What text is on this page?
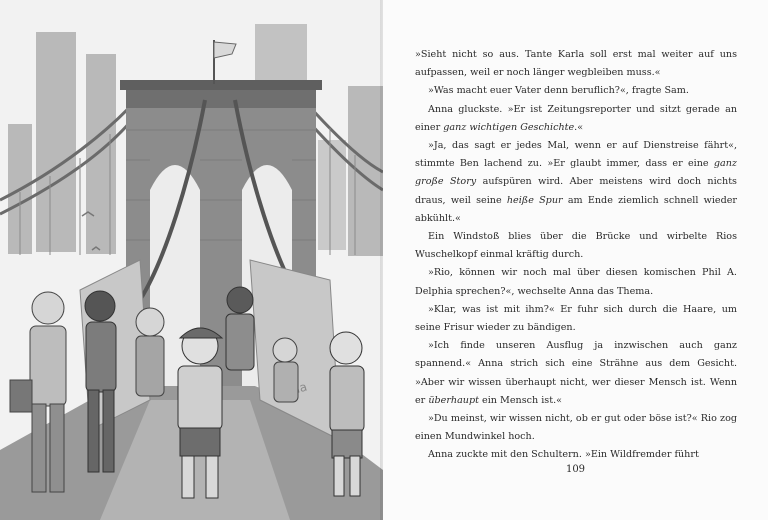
»Sieht nicht so aus. Tante Karla soll erst mal weiter auf uns aufpassen, weil er noch länger wegbleiben muss.«

»Was macht euer Vater denn beruflich?«, fragte Sam.

Anna gluckste. »Er ist Zeitungsreporter und sitzt gerade an einer ganz wichtigen Geschichte.«

»Ja, das sagt er jedes Mal, wenn er auf Dienstreise fährt«, stimmte Ben lachend zu. »Er glaubt immer, dass er eine ganz große Story aufspüren wird. Aber meistens wird doch nichts draus, weil seine heiße Spur am Ende ziemlich schnell wieder abkühlt.«

Ein Windstoß blies über die Brücke und wirbelte Rios Wuschelkopf einmal kräftig durch.

»Rio, können wir noch mal über diesen komischen Phil A. Delphia sprechen?«, wechselte Anna das Thema.

»Klar, was ist mit ihm?« Er fuhr sich durch die Haare, um seine Frisur wieder zu bändigen.

»Ich finde unseren Ausflug ja inzwischen auch ganz spannend.« Anna strich sich eine Strähne aus dem Gesicht. »Aber wir wissen überhaupt nicht, wer dieser Mensch ist. Wenn er überhaupt ein Mensch ist.«

»Du meinst, wir wissen nicht, ob er gut oder böse ist?« Rio zog einen Mundwinkel hoch.

Anna zuckte mit den Schultern. »Ein Wildfremder führt

109
